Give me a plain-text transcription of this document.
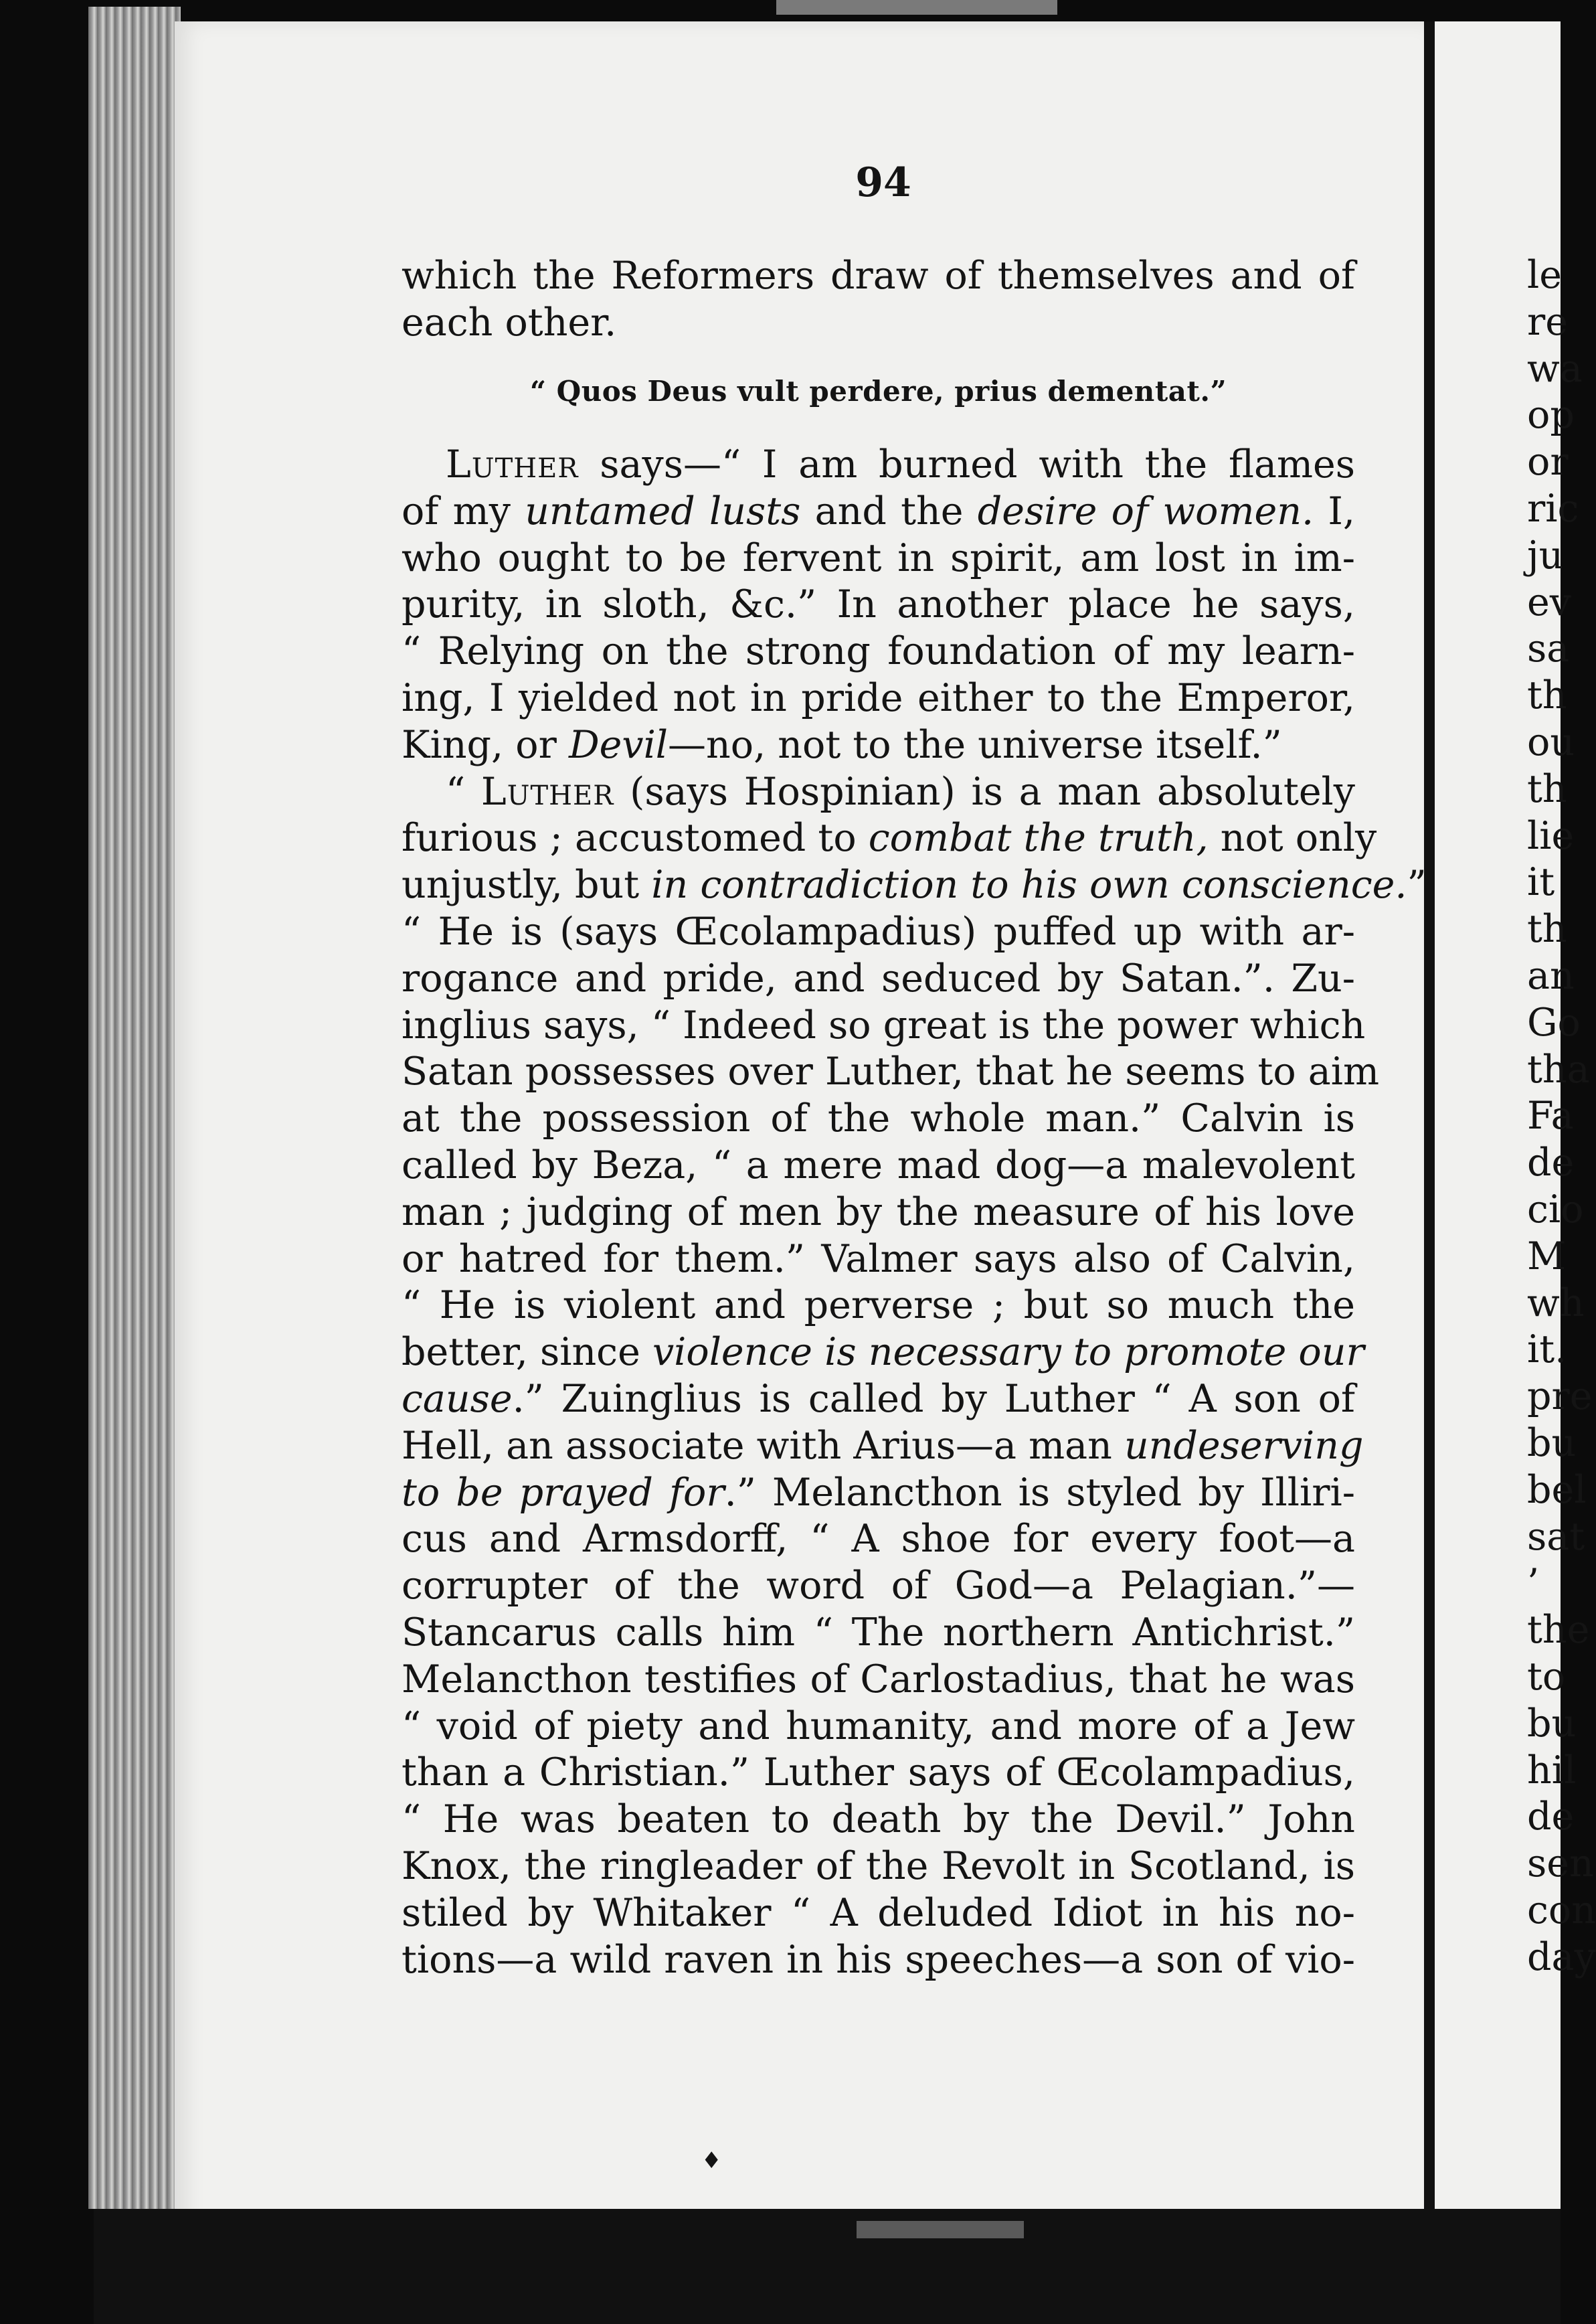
94
which the Reformers draw of themselves and of
each other.
“ Quos Deus vult perdere, prius dementat.”
Luther says—“ I am burned with the flames
of my untamed lusts and the desire of women. I,
who ought to be fervent in spirit, am lost in im-
purity, in sloth, &c.” In another place he says,
“ Relying on the strong foundation of my learn-
ing, I yielded not in pride either to the Emperor,
King, or Devil—no, not to the universe itself.”
“ Luther (says Hospinian) is a man absolutely
furious ; accustomed to combat the truth, not only
unjustly, but in contradiction to his own conscience.”
“ He is (says Œcolampadius) puffed up with ar-
rogance and pride, and seduced by Satan.”. Zu-
inglius says, “ Indeed so great is the power which
Satan possesses over Luther, that he seems to aim
at the possession of the whole man.” Calvin is
called by Beza, “ a mere mad dog—a malevolent
man ; judging of men by the measure of his love
or hatred for them.” Valmer says also of Calvin,
“ He is violent and perverse ; but so much the
better, since violence is necessary to promote our
cause.” Zuinglius is called by Luther “ A son of
Hell, an associate with Arius—a man undeserving
to be prayed for.” Melancthon is styled by Illiri-
cus and Armsdorff, “ A shoe for every foot—a
corrupter of the word of God—a Pelagian.”—
Stancarus calls him “ The northern Antichrist.”
Melancthon testifies of Carlostadius, that he was
“ void of piety and humanity, and more of a Jew
than a Christian.” Luther says of Œcolampadius,
“ He was beaten to death by the Devil.” John
Knox, the ringleader of the Revolt in Scotland, is
stiled by Whitaker “ A deluded Idiot in his no-
tions—a wild raven in his speeches—a son of vio-
♦
le
re
wa
op
or
ric
ju
ev
sa
th
ou
th
lie
it
th
an
Go
tha
Fa
de
cio
M
wh
it.
pre
bu
bel
sat
’
the
to
bu
hil
de
sen
con
day
